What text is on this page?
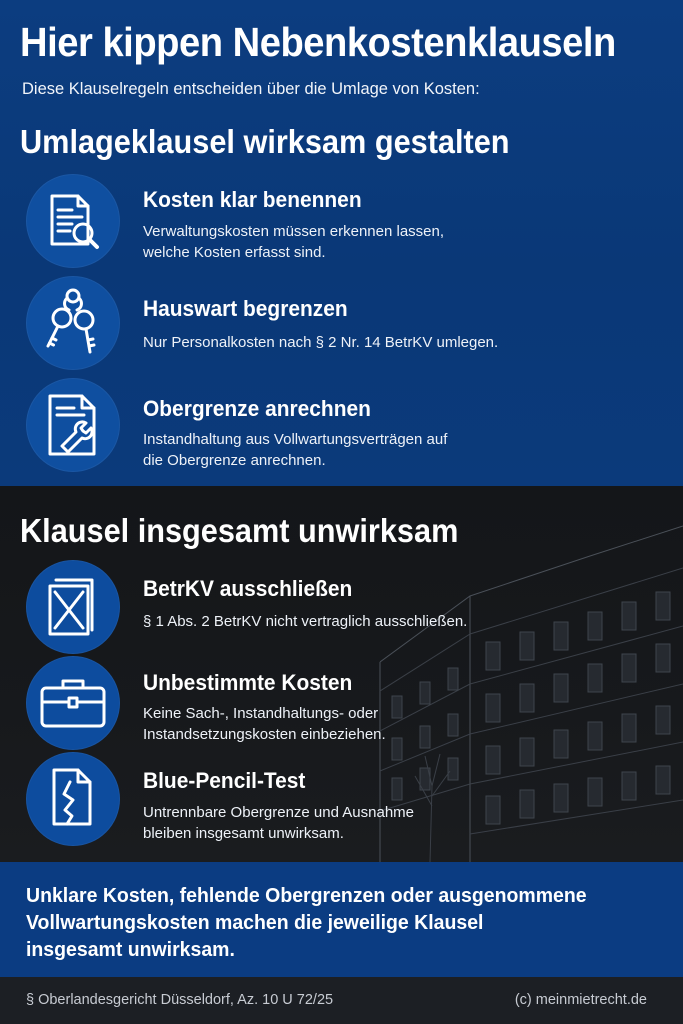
Hier kippen Nebenkostenklauseln
Diese Klauselregeln entscheiden über die Umlage von Kosten:
Umlageklausel wirksam gestalten
Kosten klar benennen
Verwaltungskosten müssen erkennen lassen,
welche Kosten erfasst sind.
Hauswart begrenzen
Nur Personalkosten nach § 2 Nr. 14 BetrKV umlegen.
Obergrenze anrechnen
Instandhaltung aus Vollwartungsverträgen auf
die Obergrenze anrechnen.
Klausel insgesamt unwirksam
BetrKV ausschließen
§ 1 Abs. 2 BetrKV nicht vertraglich ausschließen.
Unbestimmte Kosten
Keine Sach-, Instandhaltungs- oder
Instandsetzungskosten einbeziehen.
Blue-Pencil-Test
Untrennbare Obergrenze und Ausnahme
bleiben insgesamt unwirksam.
Unklare Kosten, fehlende Obergrenzen oder ausgenommene
Vollwartungskosten machen die jeweilige Klausel
insgesamt unwirksam.
§ Oberlandesgericht Düsseldorf, Az. 10 U 72/25	(c) meinmietrecht.de
